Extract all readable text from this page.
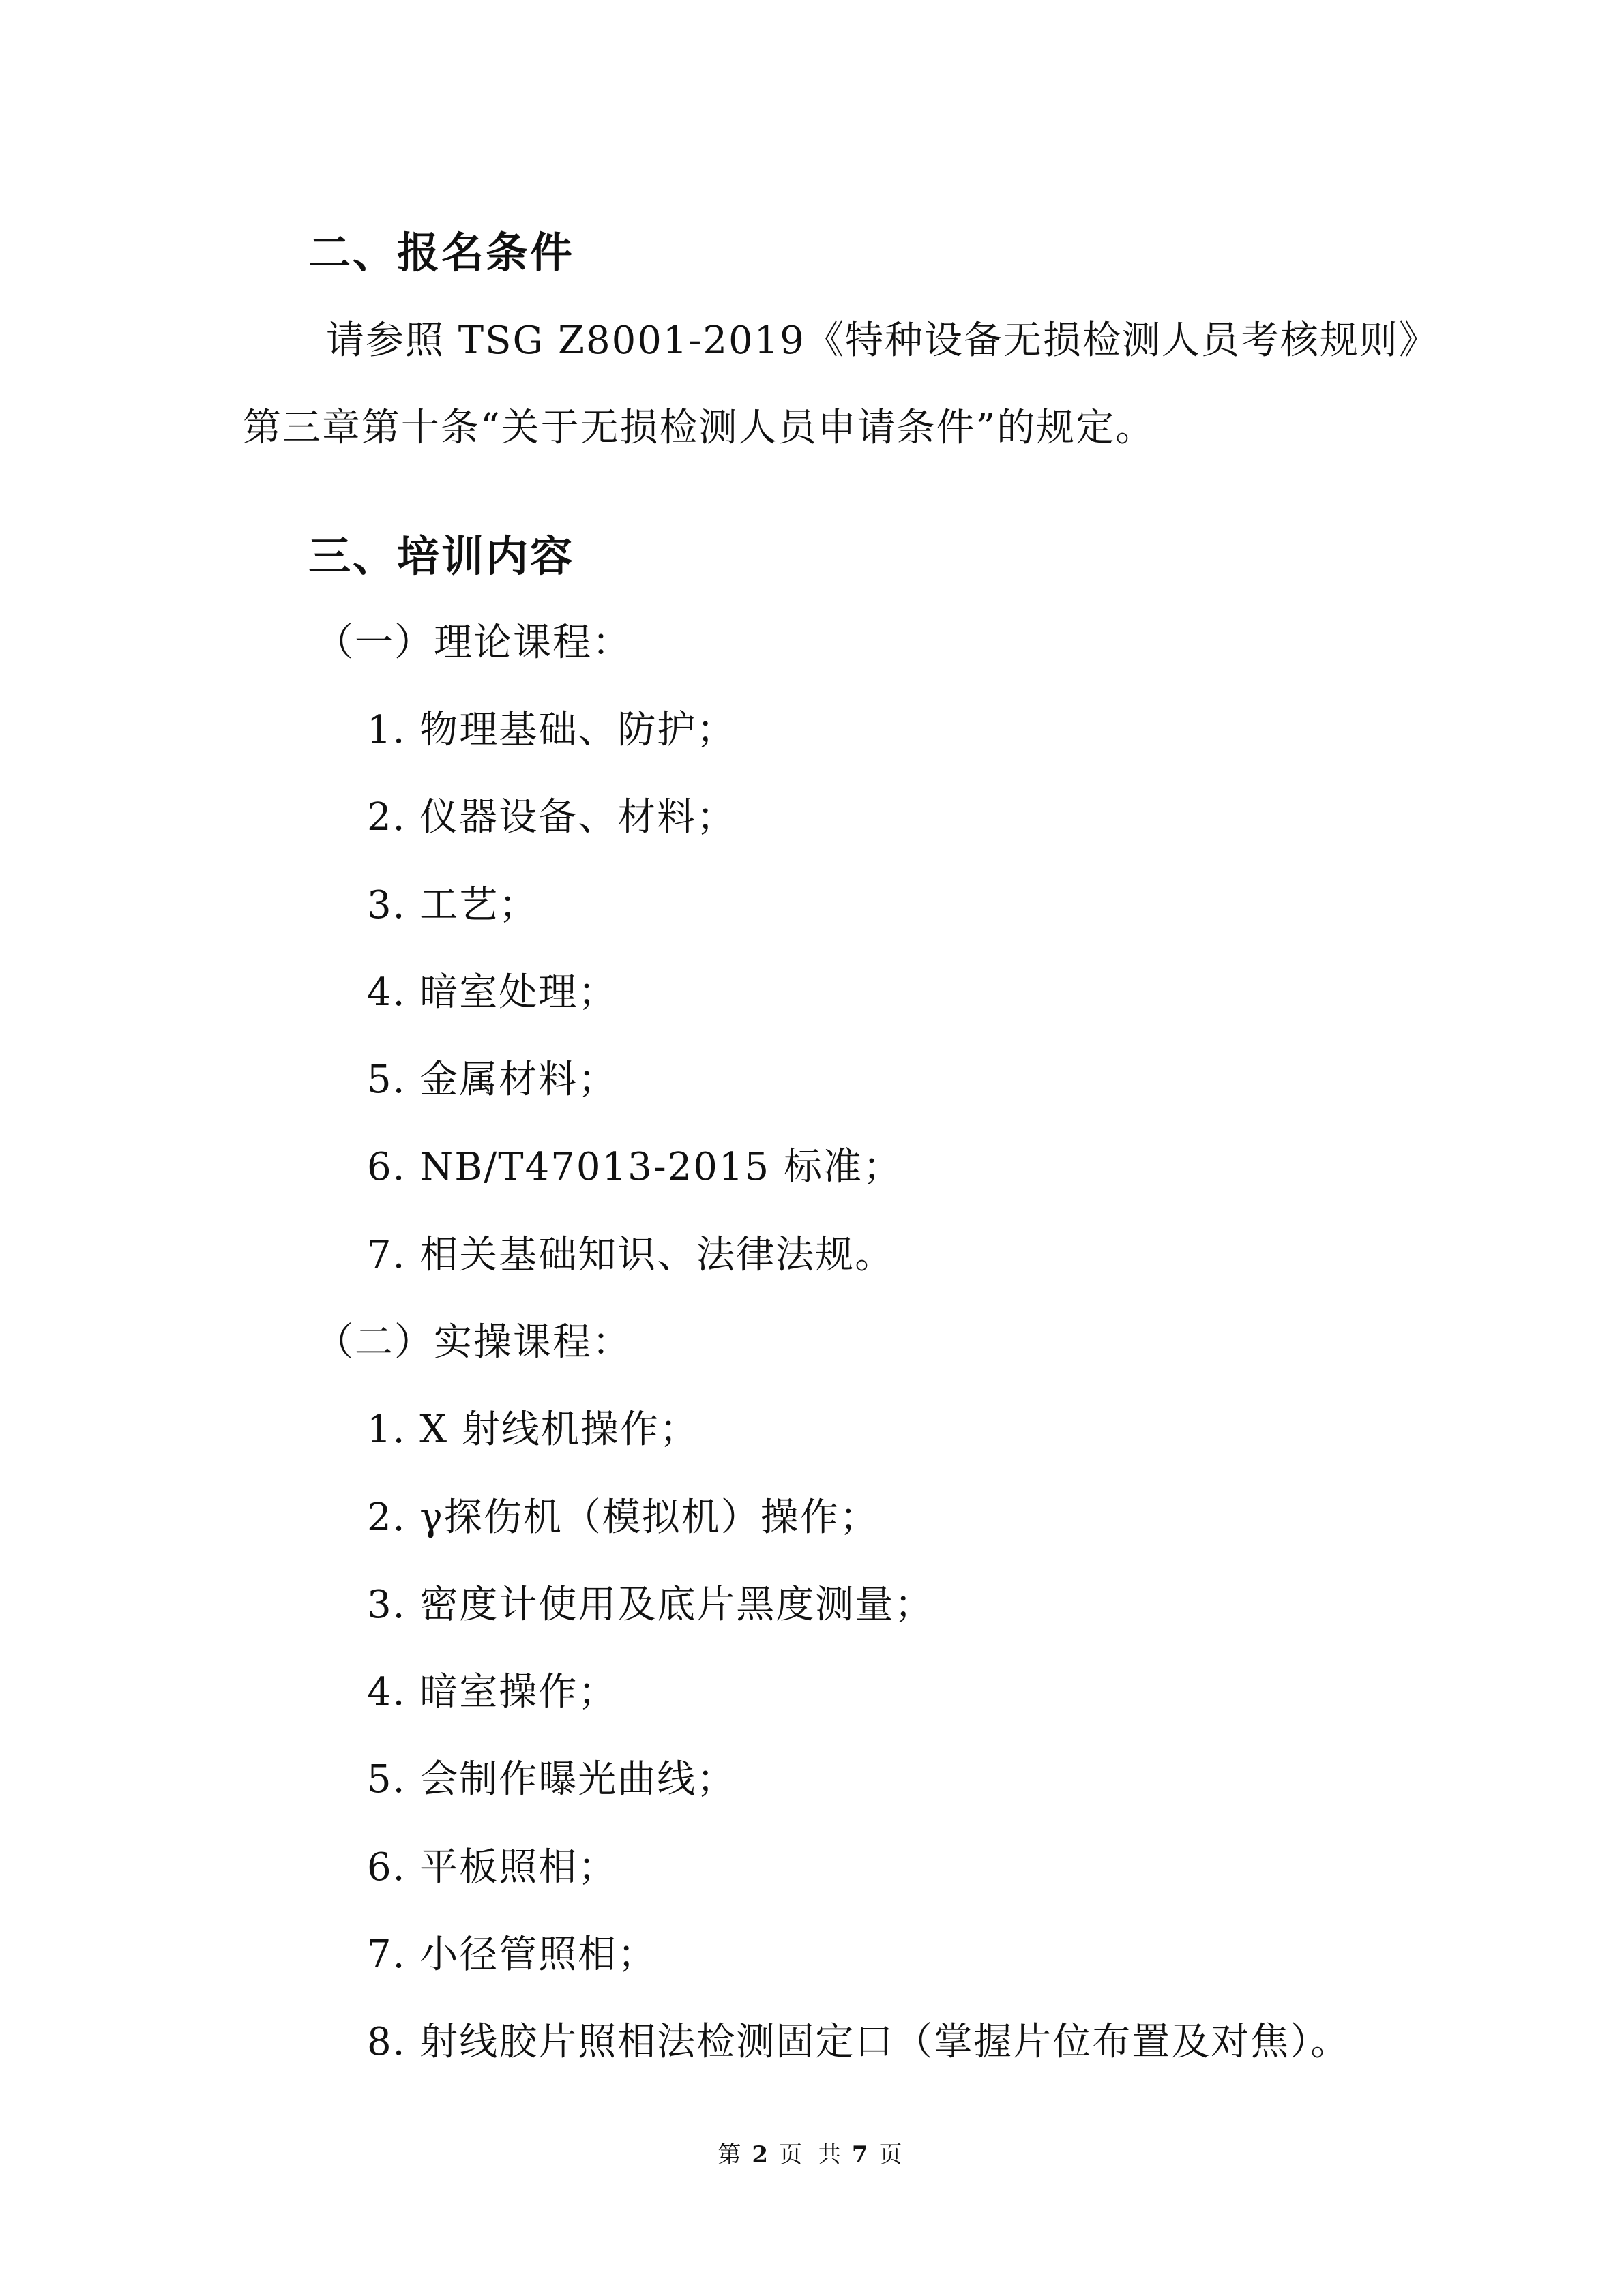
二、报名条件
请参照 TSG Z8001-2019《特种设备无损检测人员考核规则》
第三章第十条“关于无损检测人员申请条件”的规定。
三、培训内容
（一）理论课程：
1. 物理基础、防护；
2. 仪器设备、材料；
3. 工艺；
4. 暗室处理；
5. 金属材料；
6. NB/T47013-2015 标准；
7. 相关基础知识、法律法规。
（二）实操课程：
1. X 射线机操作；
2. γ探伤机（模拟机）操作；
3. 密度计使用及底片黑度测量；
4. 暗室操作；
5. 会制作曝光曲线；
6. 平板照相；
7. 小径管照相；
8. 射线胶片照相法检测固定口（掌握片位布置及对焦）。
第 2 页 共 7 页
